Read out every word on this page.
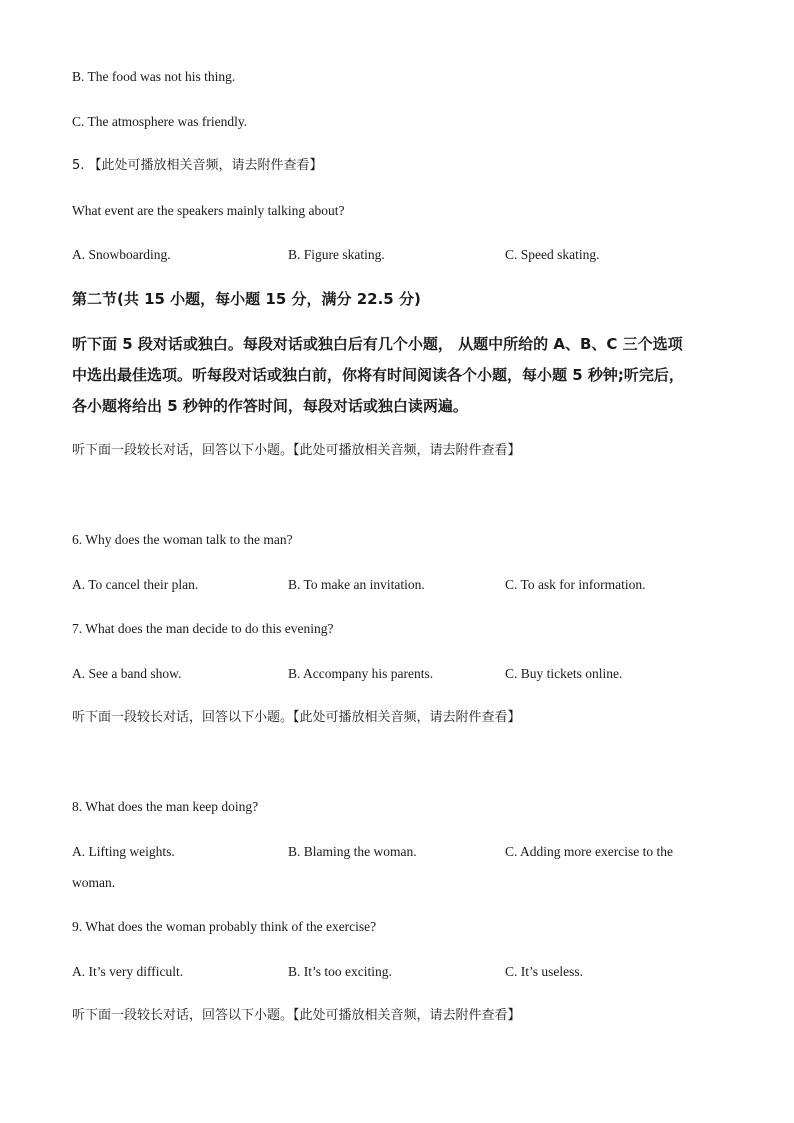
B. The food was not his thing.
C. The atmosphere was friendly.
5. 【此处可播放相关音频，请去附件查看】
What event are the speakers mainly talking about?
A. Snowboarding.	B. Figure skating.	C. Speed skating.
第二节(共 15 小题，每小题 15 分，满分 22.5 分)
听下面 5 段对话或独白。每段对话或独白后有几个小题， 从题中所给的 A、B、C 三个选项
中选出最佳选项。听每段对话或独白前，你将有时间阅读各个小题，每小题 5 秒钟;听完后，
各小题将给出 5 秒钟的作答时间，每段对话或独白读两遍。
听下面一段较长对话，回答以下小题。【此处可播放相关音频，请去附件查看】
6. Why does the woman talk to the man?
A. To cancel their plan.	B. To make an invitation.	C. To ask for information.
7. What does the man decide to do this evening?
A. See a band show.	B. Accompany his parents.	C. Buy tickets online.
听下面一段较长对话，回答以下小题。【此处可播放相关音频，请去附件查看】
8. What does the man keep doing?
A. Lifting weights.	B. Blaming the woman.	C. Adding more exercise to the
woman.
9. What does the woman probably think of the exercise?
A. It’s very difficult.	B. It’s too exciting.	C. It’s useless.
听下面一段较长对话，回答以下小题。【此处可播放相关音频，请去附件查看】
